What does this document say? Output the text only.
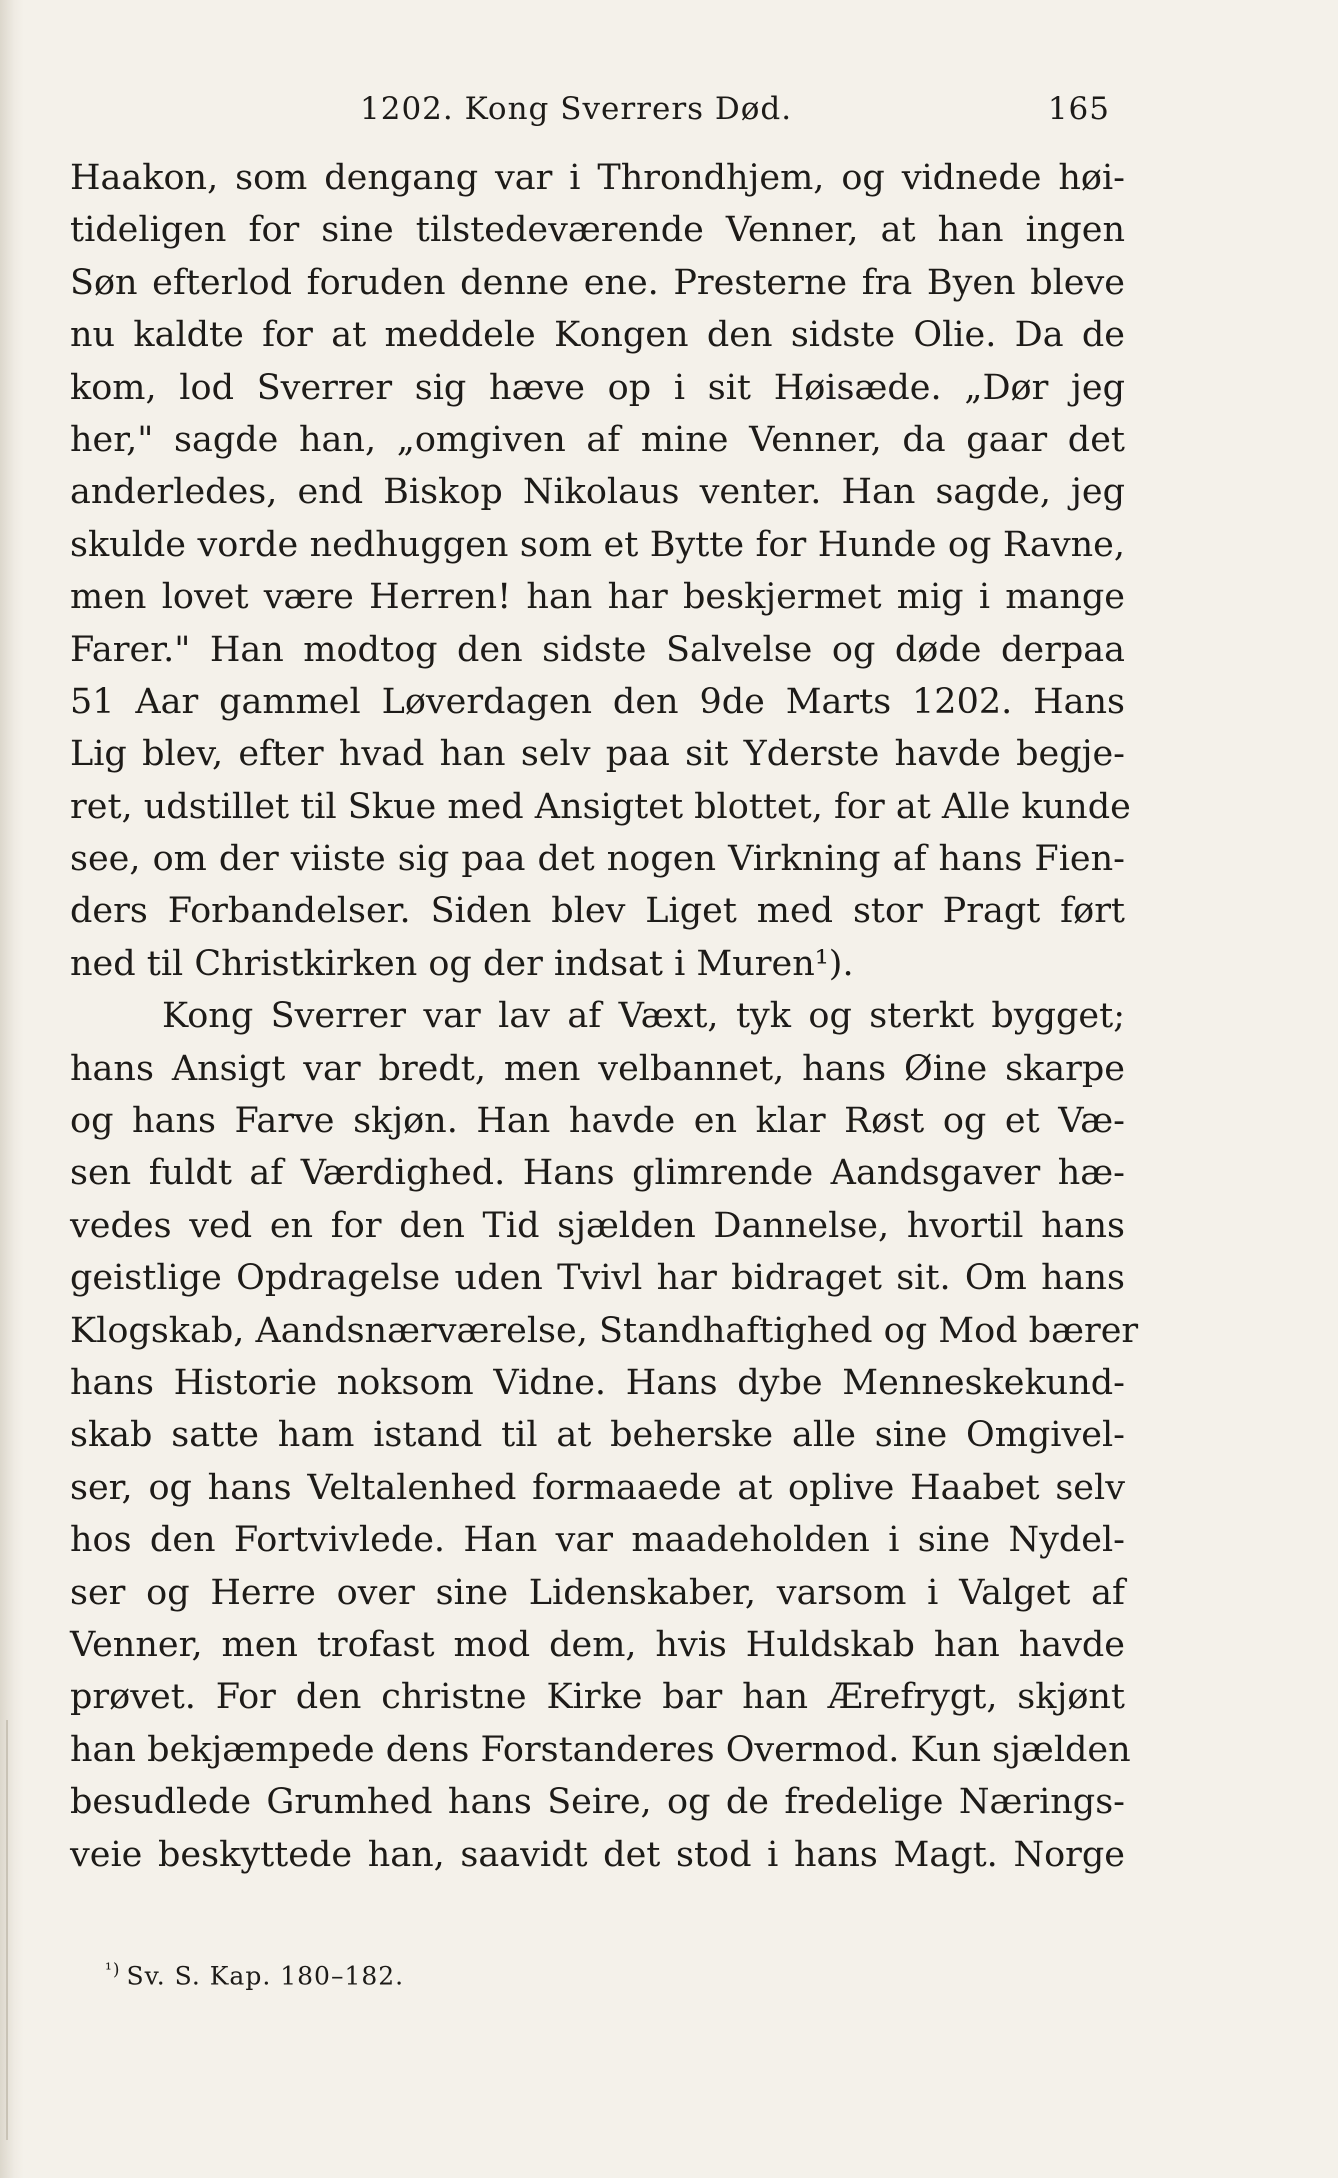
1202. Kong Sverrers Død.	165
Haakon, som dengang var i Throndhjem, og vidnede høi-
tideligen for sine tilstedeværende Venner, at han ingen
Søn efterlod foruden denne ene. Presterne fra Byen bleve
nu kaldte for at meddele Kongen den sidste Olie. Da de
kom, lod Sverrer sig hæve op i sit Høisæde. „Dør jeg
her," sagde han, „omgiven af mine Venner, da gaar det
anderledes, end Biskop Nikolaus venter. Han sagde, jeg
skulde vorde nedhuggen som et Bytte for Hunde og Ravne,
men lovet være Herren! han har beskjermet mig i mange
Farer." Han modtog den sidste Salvelse og døde derpaa
51 Aar gammel Løverdagen den 9de Marts 1202. Hans
Lig blev, efter hvad han selv paa sit Yderste havde begje-
ret, udstillet til Skue med Ansigtet blottet, for at Alle kunde
see, om der viiste sig paa det nogen Virkning af hans Fien-
ders Forbandelser. Siden blev Liget med stor Pragt ført
ned til Christkirken og der indsat i Muren¹).
Kong Sverrer var lav af Væxt, tyk og sterkt bygget;
hans Ansigt var bredt, men velbannet, hans Øine skarpe
og hans Farve skjøn. Han havde en klar Røst og et Væ-
sen fuldt af Værdighed. Hans glimrende Aandsgaver hæ-
vedes ved en for den Tid sjælden Dannelse, hvortil hans
geistlige Opdragelse uden Tvivl har bidraget sit. Om hans
Klogskab, Aandsnærværelse, Standhaftighed og Mod bærer
hans Historie noksom Vidne. Hans dybe Menneskekund-
skab satte ham istand til at beherske alle sine Omgivel-
ser, og hans Veltalenhed formaaede at oplive Haabet selv
hos den Fortvivlede. Han var maadeholden i sine Nydel-
ser og Herre over sine Lidenskaber, varsom i Valget af
Venner, men trofast mod dem, hvis Huldskab han havde
prøvet. For den christne Kirke bar han Ærefrygt, skjønt
han bekjæmpede dens Forstanderes Overmod. Kun sjælden
besudlede Grumhed hans Seire, og de fredelige Nærings-
veie beskyttede han, saavidt det stod i hans Magt. Norge
$^{^1)}$ Sv. S. Kap. 180–182.
